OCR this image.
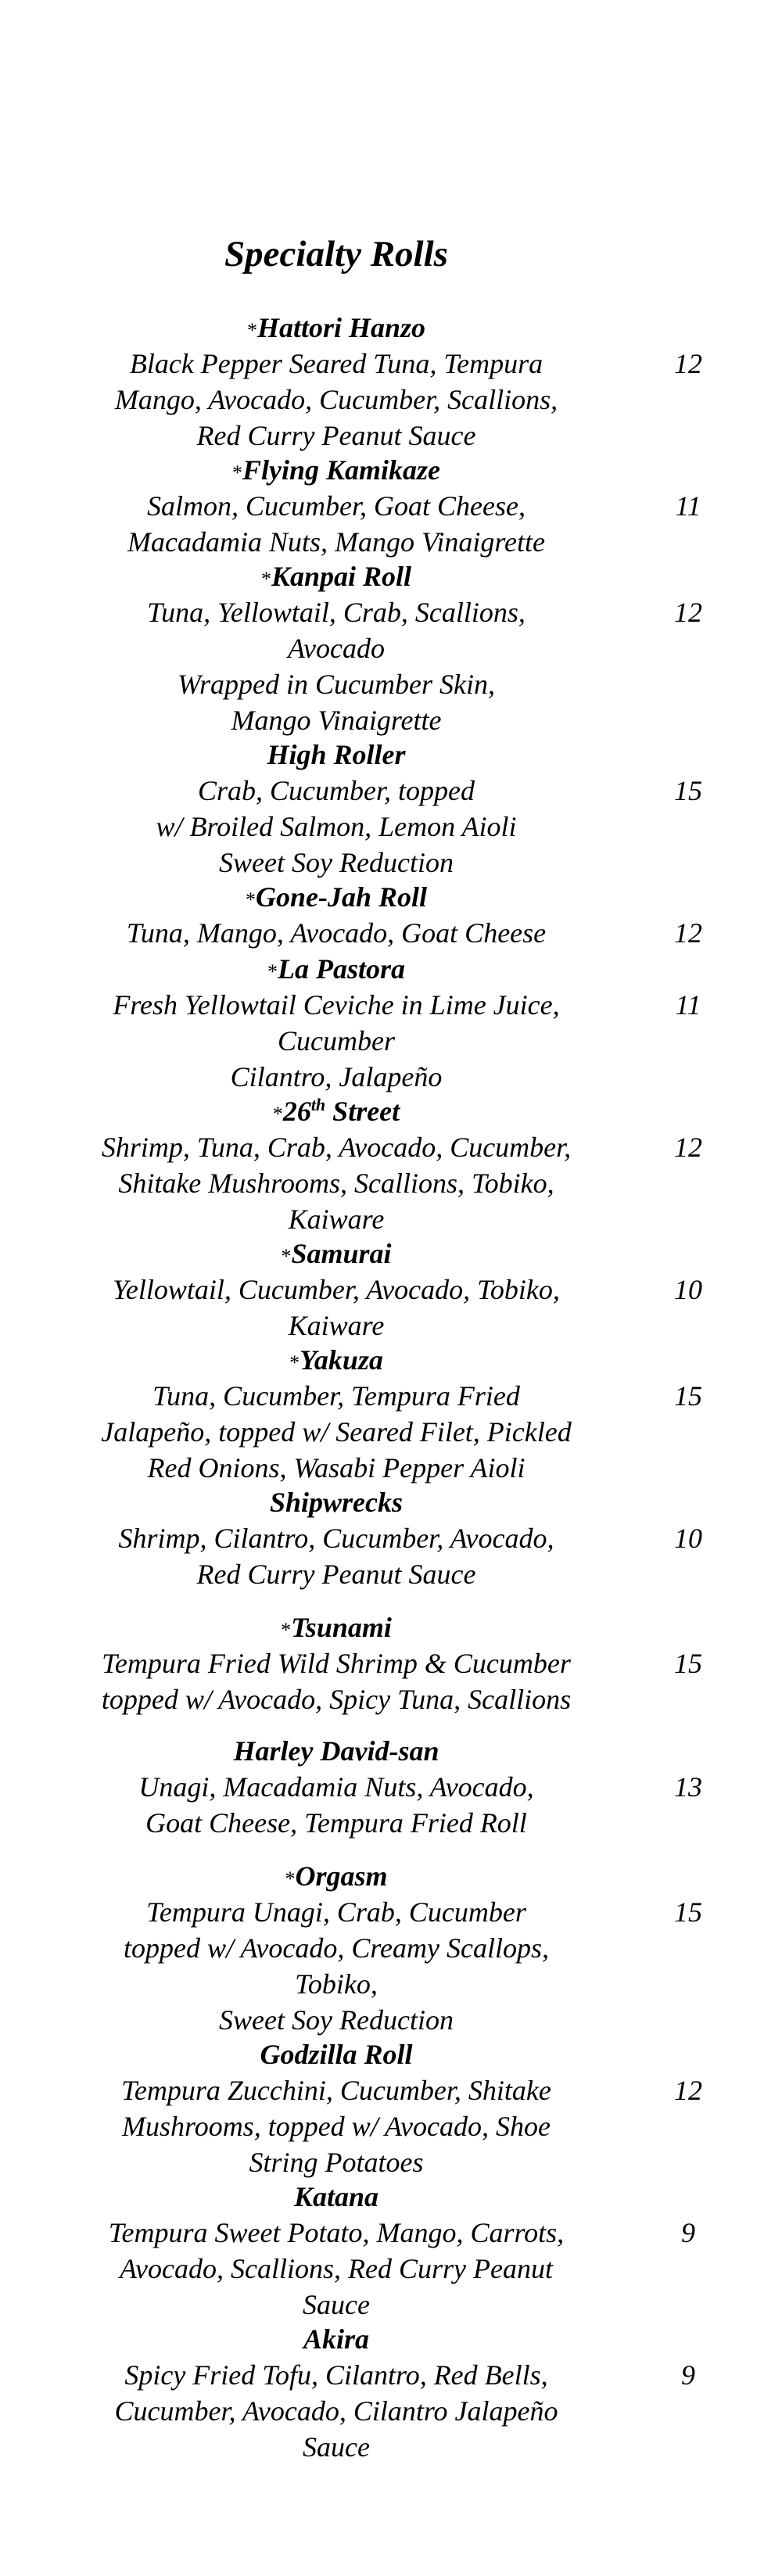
Specialty Rolls
*Hattori Hanzo
Black Pepper Seared Tuna, Tempura
Mango, Avocado, Cucumber, Scallions,
Red Curry Peanut Sauce
12
*Flying Kamikaze
Salmon, Cucumber, Goat Cheese,
Macadamia Nuts, Mango Vinaigrette
11
*Kanpai Roll
Tuna, Yellowtail, Crab, Scallions,
Avocado
Wrapped in Cucumber Skin,
Mango Vinaigrette
12
High Roller
Crab, Cucumber, topped
w/ Broiled Salmon, Lemon Aioli
Sweet Soy Reduction
15
*Gone-Jah Roll
Tuna, Mango, Avocado, Goat Cheese	12
*La Pastora
Fresh Yellowtail Ceviche in Lime Juice,
Cucumber
Cilantro, Jalapeño
11
*26th Street
Shrimp, Tuna, Crab, Avocado, Cucumber,
Shitake Mushrooms, Scallions, Tobiko,
Kaiware
12
*Samurai
Yellowtail, Cucumber, Avocado, Tobiko,
Kaiware
10
*Yakuza
Tuna, Cucumber, Tempura Fried
Jalapeño, topped w/ Seared Filet, Pickled
Red Onions, Wasabi Pepper Aioli
15
Shipwrecks
Shrimp, Cilantro, Cucumber, Avocado,
Red Curry Peanut Sauce
10
*Tsunami
Tempura Fried Wild Shrimp & Cucumber
topped w/ Avocado, Spicy Tuna, Scallions
15
Harley David-san
Unagi, Macadamia Nuts, Avocado,
Goat Cheese, Tempura Fried Roll
13
*Orgasm
Tempura Unagi, Crab, Cucumber
topped w/ Avocado, Creamy Scallops,
Tobiko,
Sweet Soy Reduction
15
Godzilla Roll
Tempura Zucchini, Cucumber, Shitake
Mushrooms, topped w/ Avocado, Shoe
String Potatoes
12
Katana
Tempura Sweet Potato, Mango, Carrots,
Avocado, Scallions, Red Curry Peanut
Sauce
9
Akira
Spicy Fried Tofu, Cilantro, Red Bells,
Cucumber, Avocado, Cilantro Jalapeño
Sauce
9
